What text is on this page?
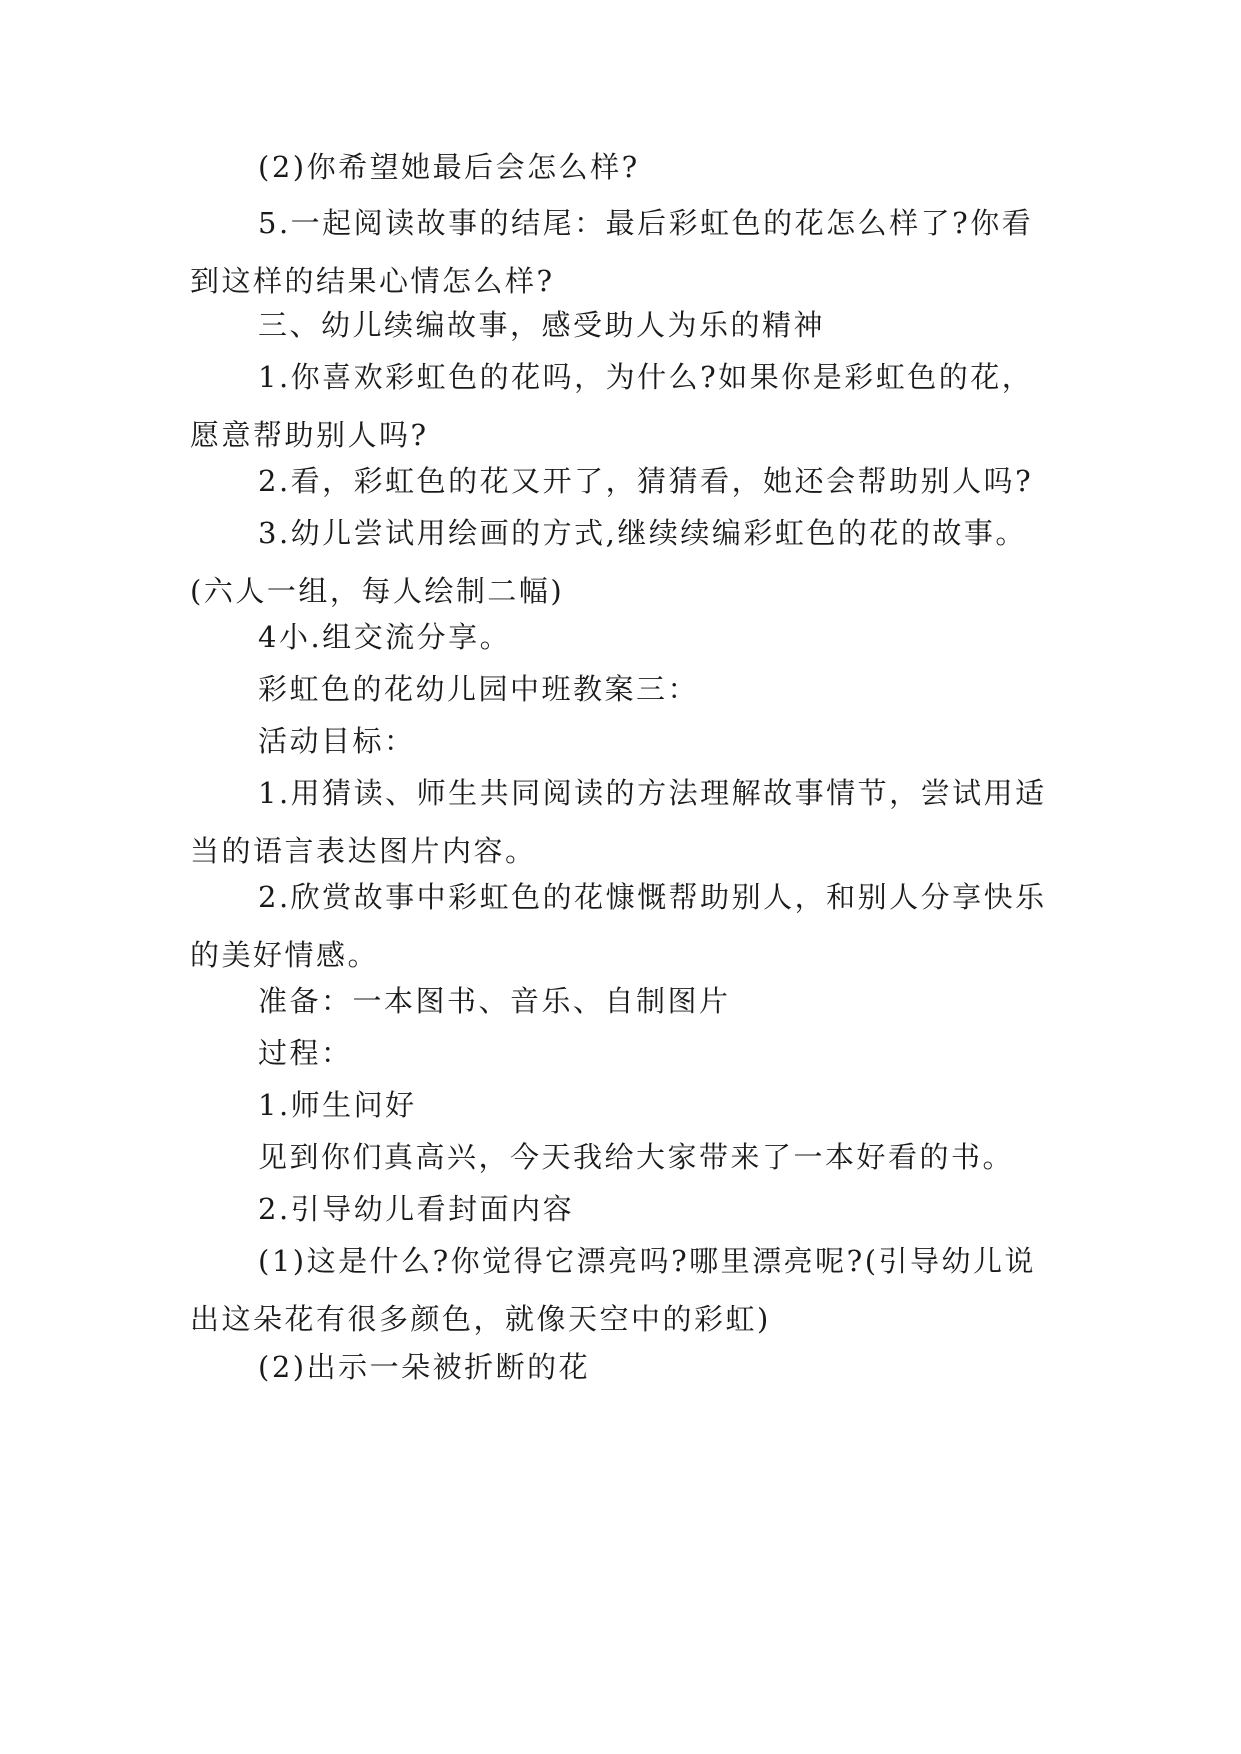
(2)你希望她最后会怎么样?

5.一起阅读故事的结尾：最后彩虹色的花怎么样了?你看到这样的结果心情怎么样?

三、幼儿续编故事，感受助人为乐的精神

1.你喜欢彩虹色的花吗，为什么?如果你是彩虹色的花，愿意帮助别人吗?

2.看，彩虹色的花又开了，猜猜看，她还会帮助别人吗?

3.幼儿尝试用绘画的方式,继续续编彩虹色的花的故事。(六人一组，每人绘制二幅)

4小.组交流分享。

彩虹色的花幼儿园中班教案三：

活动目标：

1.用猜读、师生共同阅读的方法理解故事情节，尝试用适当的语言表达图片内容。

2.欣赏故事中彩虹色的花慷慨帮助别人，和别人分享快乐的美好情感。

准备：一本图书、音乐、自制图片

过程：

1.师生问好

见到你们真高兴，今天我给大家带来了一本好看的书。

2.引导幼儿看封面内容

(1)这是什么?你觉得它漂亮吗?哪里漂亮呢?(引导幼儿说出这朵花有很多颜色，就像天空中的彩虹)

(2)出示一朵被折断的花
